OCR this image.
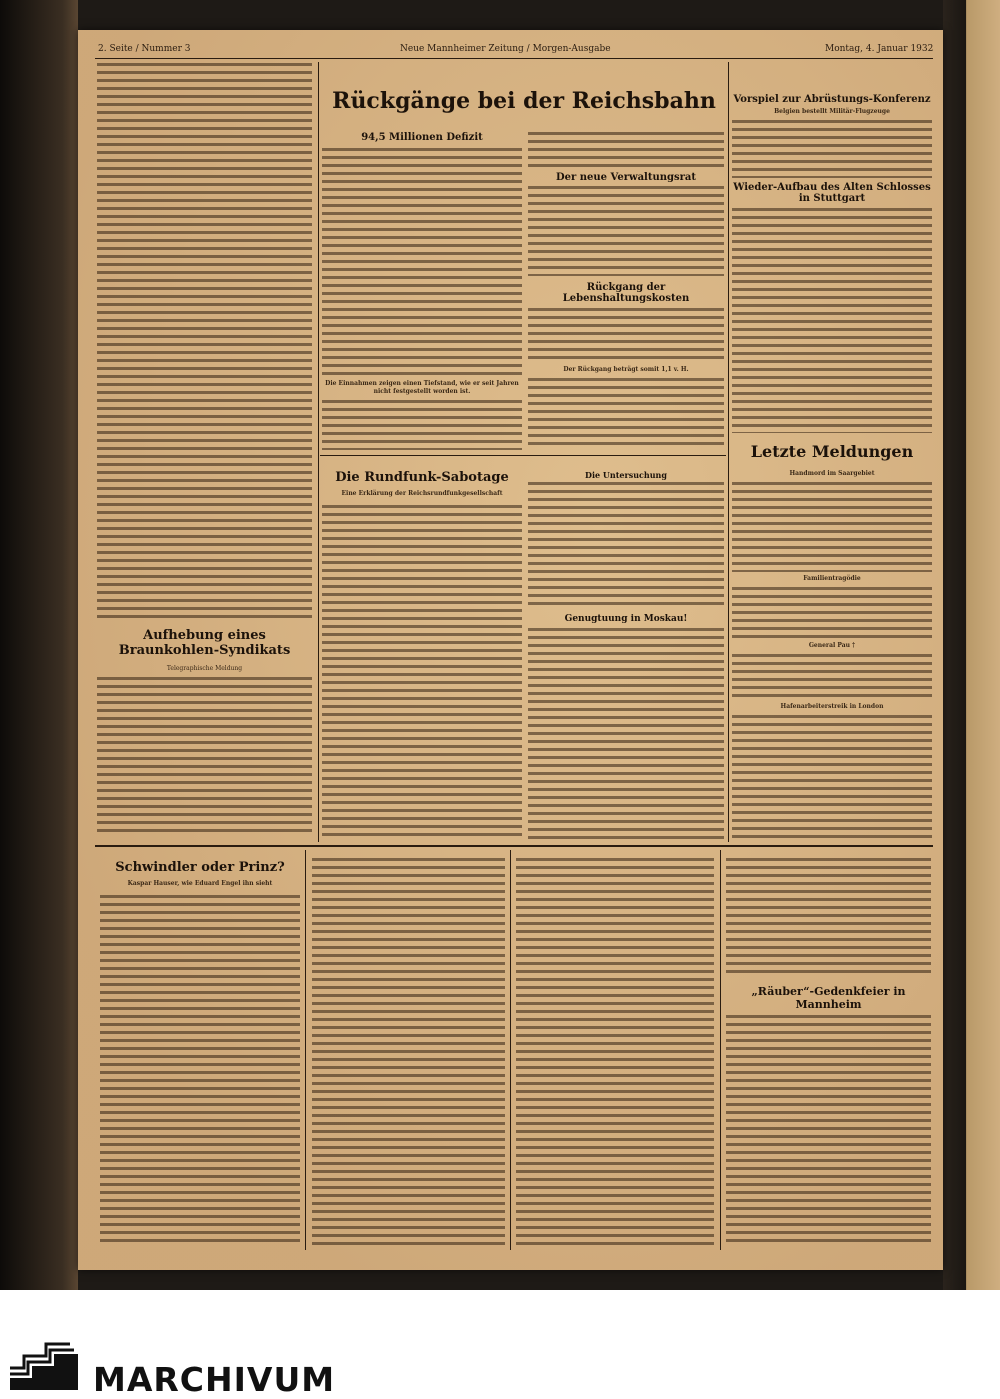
2. Seite / Nummer 3	Neue Mannheimer Zeitung / Morgen-Ausgabe	Montag, 4. Januar 1932
Aufhebung eines Braunkohlen-Syndikats
Telegraphische Meldung
Rückgänge bei der Reichsbahn
94,5 Millionen Defizit
Die Einnahmen zeigen einen Tiefstand, wie er seit Jahren nicht festgestellt worden ist.
Der neue Verwaltungsrat
Rückgang der Lebenshaltungskosten
Der Rückgang beträgt somit 1,1 v. H.
Die Rundfunk-Sabotage
Eine Erklärung der Reichsrundfunkgesellschaft
Die Untersuchung
Genugtuung in Moskau!
Vorspiel zur Abrüstungs-Konferenz
Belgien bestellt Militär-Flugzeuge
Wieder-Aufbau des Alten Schlosses in Stuttgart
Letzte Meldungen
Handmord im Saargebiet
Familientragödie
General Pau †
Hafenarbeiterstreik in London
Schwindler oder Prinz?
Kaspar Hauser, wie Eduard Engel ihn sieht
„Räuber“-Gedenkfeier in Mannheim
MARCHIVUM
